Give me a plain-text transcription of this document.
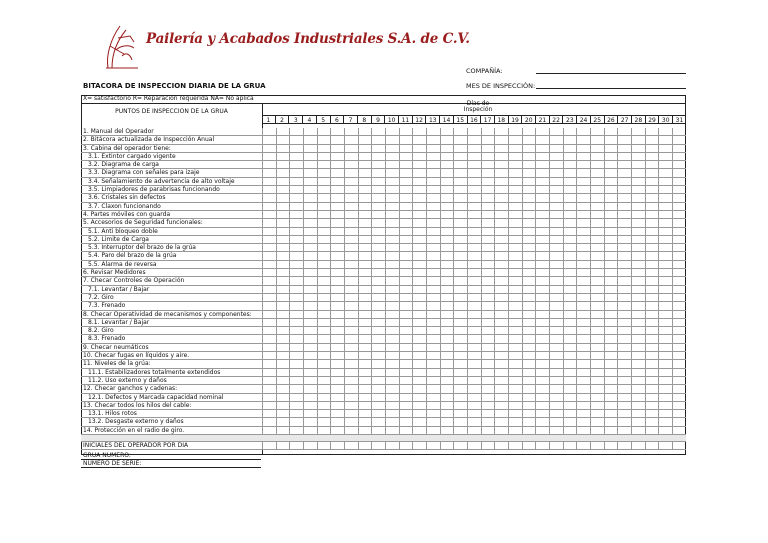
Pailería y Acabados Industriales S.A. de C.V.
COMPAÑÍA:
MES DE INSPECCIÓN:
BITACORA DE INSPECCION DIARIA DE LA GRUA
X= satisfactorio R= Reparación requerida NA= No aplica
PUNTOS DE INSPECCION DE LA GRUA
Días de Inspeción
1	2	3	4	5	6	7	8	9	10	11	12	13	14	15	16	17	18	19	20	21	22	23	24	25	26	27	28	29	30	31
1. Manual del Operador
2. Bitácora actualizada de Inspección Anual
3. Cabina del operador tiene:
3.1. Extintor cargado vigente
3.2. Diagrama de carga
3.3. Diagrama con señales para izaje
3.4. Señalamiento de advertencia de alto voltaje
3.5. Limpiadores de parabrisas funcionando
3.6. Cristales sin defectos
3.7. Claxon funcionando
4. Partes móviles con guarda
5. Accesorios de Seguridad funcionales:
5.1. Anti bloqueo doble
5.2. Limite de Carga
5.3. Interruptor del brazo de la grúa
5.4. Paro del brazo de la grúa
5.5. Alarma de reversa
6. Revisar Medidores
7. Checar Controles de Operación
7.1. Levantar / Bajar
7.2. Giro
7.3. Frenado
8. Checar Operatividad de mecanismos y componentes:
8.1. Levantar / Bajar
8.2. Giro
8.3. Frenado
9. Checar neumáticos
10. Checar fugas en líquidos y aire.
11. Niveles de la grúa:
11.1. Estabilizadores totalmente extendidos
11.2. Uso externo y daños
12. Checar ganchos y cadenas:
12.1. Defectos y Marcada capacidad nominal
13. Checar todos los hilos del cable:
13.1. Hilos rotos
13.2. Desgaste externo y daños
14. Protección en el radio de giro.
INICIALES DEL OPERADOR POR DÍA
GRUA NUMERO:
NUMERO DE SERIE:
